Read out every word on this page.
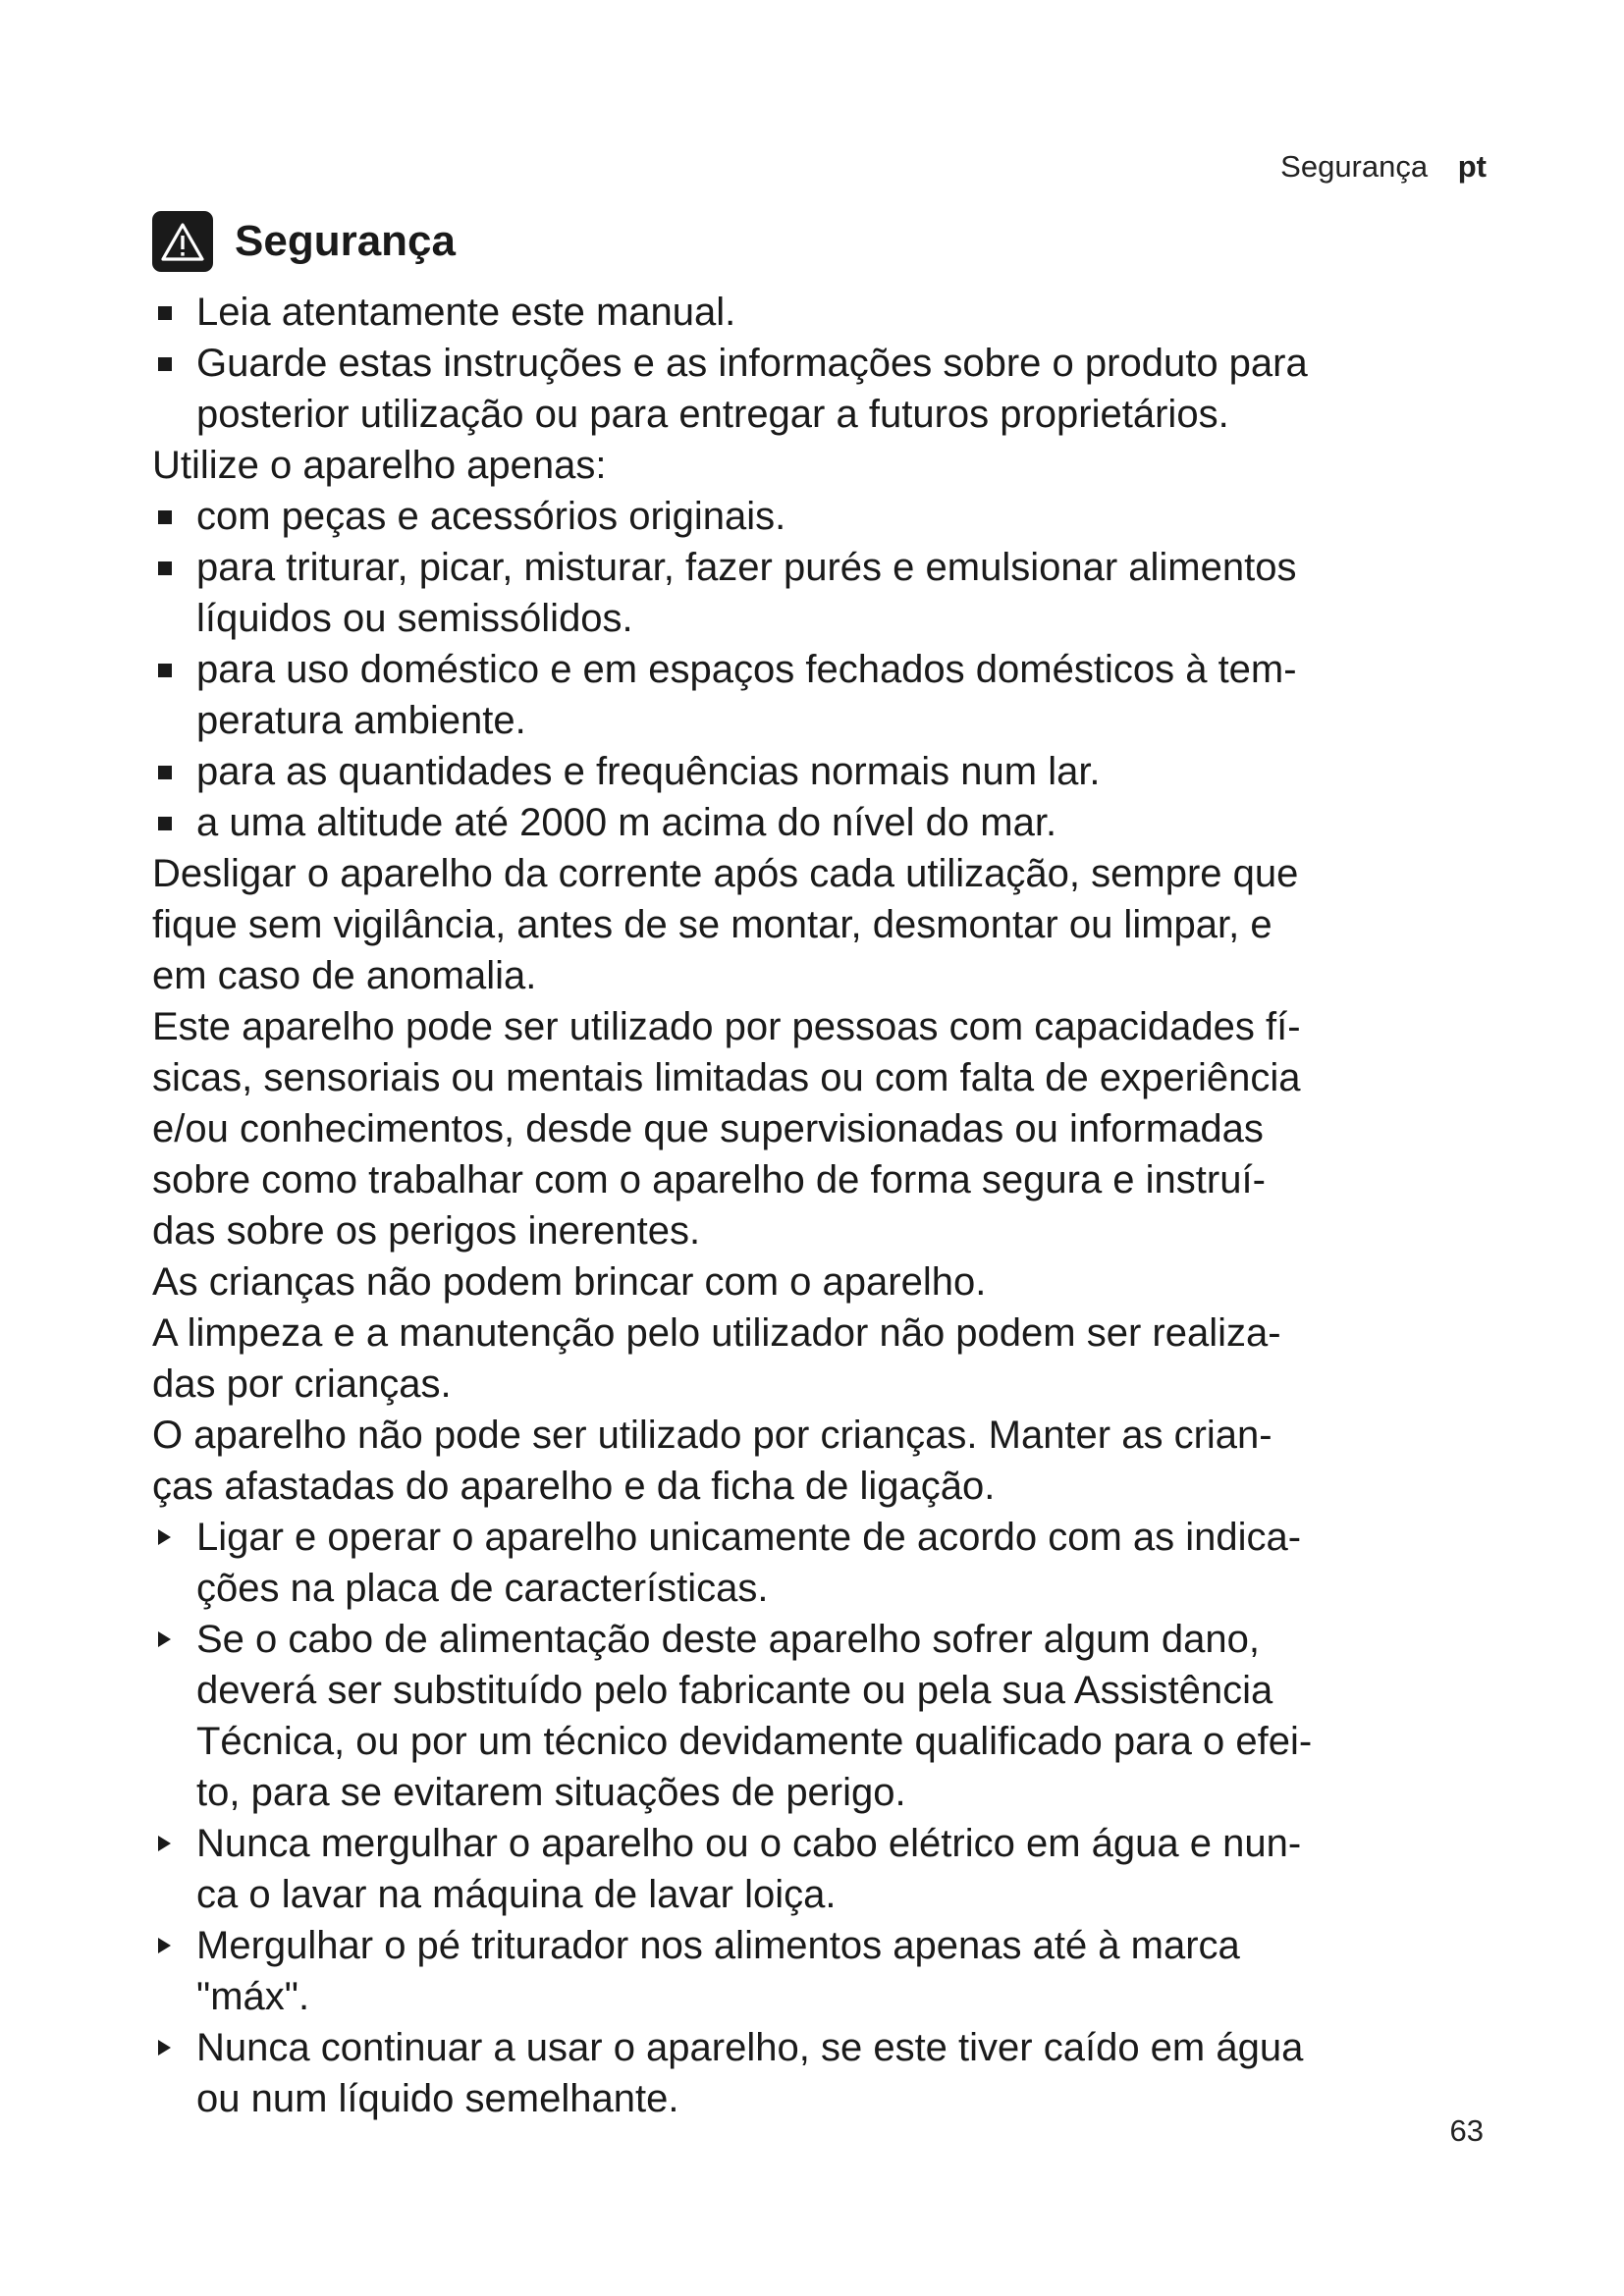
Segurança pt
Segurança
Leia atentamente este manual.
Guarde estas instruções e as informações sobre o produto para
posterior utilização ou para entregar a futuros proprietários.

Utilize o aparelho apenas:

com peças e acessórios originais.
para triturar, picar, misturar, fazer purés e emulsionar alimentos
líquidos ou semissólidos.
para uso doméstico e em espaços fechados domésticos à tem-
peratura ambiente.
para as quantidades e frequências normais num lar.
a uma altitude até 2000 m acima do nível do mar.

Desligar o aparelho da corrente após cada utilização, sempre que
fique sem vigilância, antes de se montar, desmontar ou limpar, e
em caso de anomalia.

Este aparelho pode ser utilizado por pessoas com capacidades fí-
sicas, sensoriais ou mentais limitadas ou com falta de experiência
e/ou conhecimentos, desde que supervisionadas ou informadas
sobre como trabalhar com o aparelho de forma segura e instruí-
das sobre os perigos inerentes.

As crianças não podem brincar com o aparelho.

A limpeza e a manutenção pelo utilizador não podem ser realiza-
das por crianças.

O aparelho não pode ser utilizado por crianças. Manter as crian-
ças afastadas do aparelho e da ficha de ligação.

Ligar e operar o aparelho unicamente de acordo com as indica-
ções na placa de características.
Se o cabo de alimentação deste aparelho sofrer algum dano,
deverá ser substituído pelo fabricante ou pela sua Assistência
Técnica, ou por um técnico devidamente qualificado para o efei-
to, para se evitarem situações de perigo.
Nunca mergulhar o aparelho ou o cabo elétrico em água e nun-
ca o lavar na máquina de lavar loiça.
Mergulhar o pé triturador nos alimentos apenas até à marca
"máx".
Nunca continuar a usar o aparelho, se este tiver caído em água
ou num líquido semelhante.
63
